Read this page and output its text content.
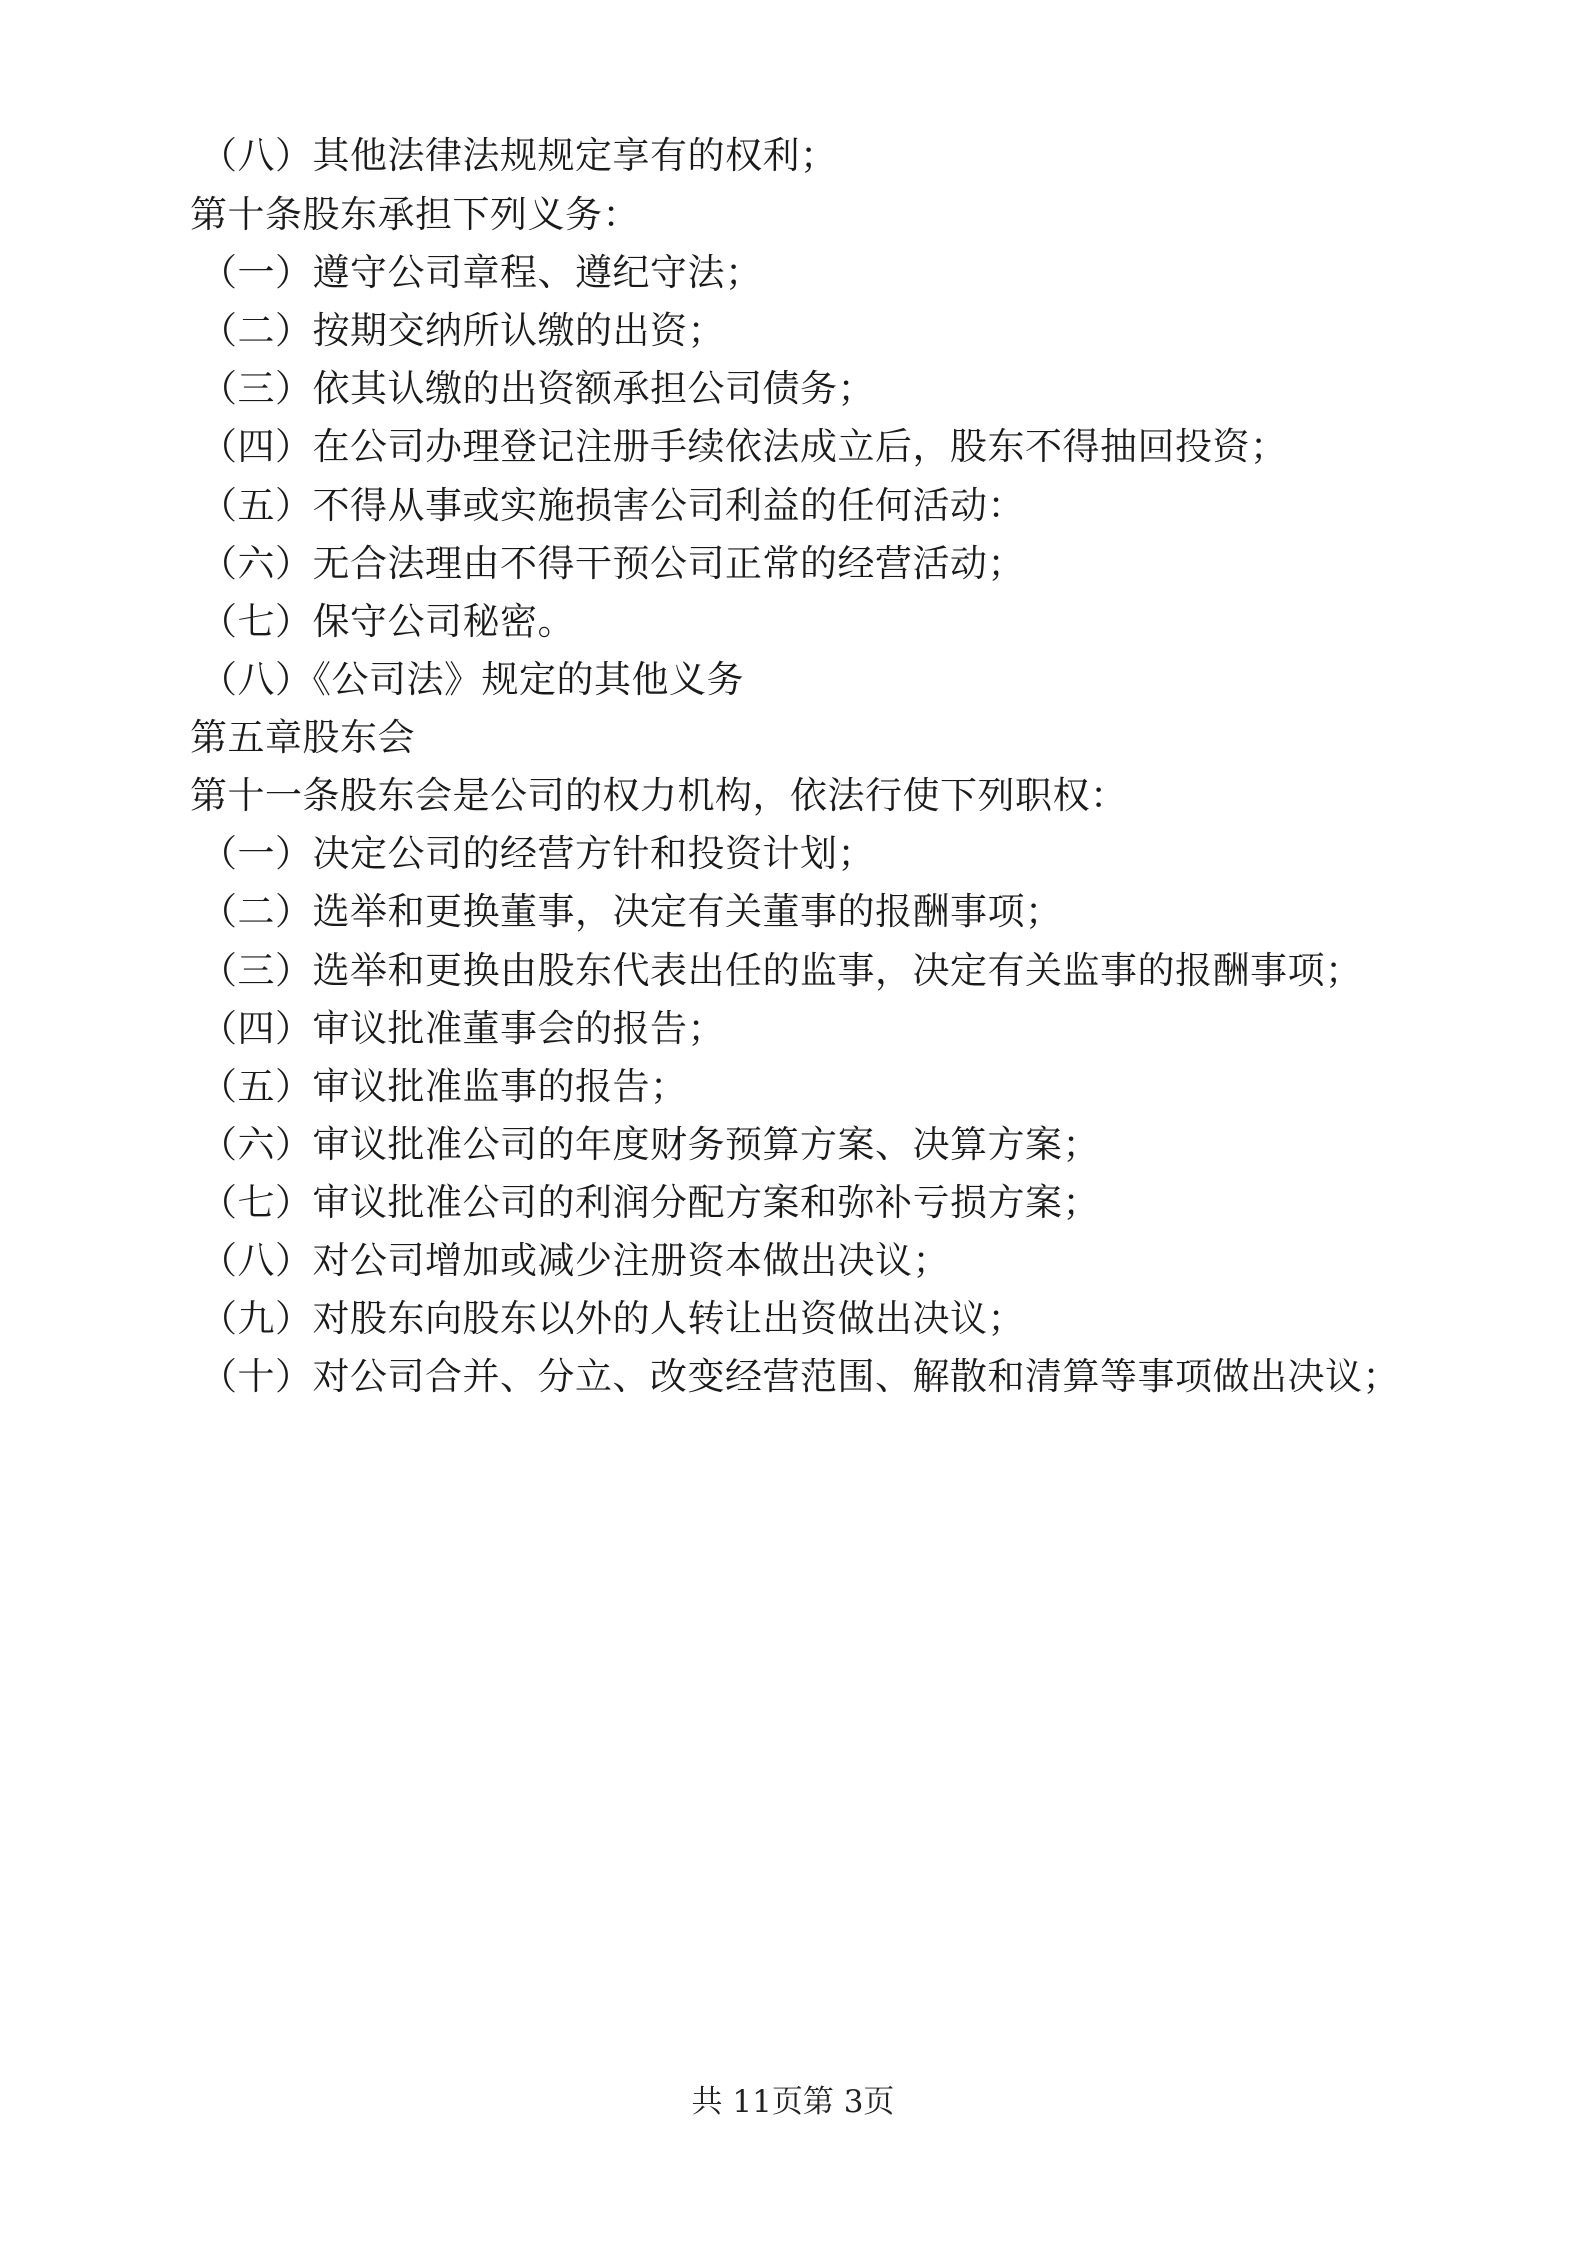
（八）其他法律法规规定享有的权利；
第十条股东承担下列义务：
（一）遵守公司章程、遵纪守法；
（二）按期交纳所认缴的出资；
（三）依其认缴的出资额承担公司债务；
（四）在公司办理登记注册手续依法成立后，股东不得抽回投资；
（五）不得从事或实施损害公司利益的任何活动：
（六）无合法理由不得干预公司正常的经营活动；
（七）保守公司秘密。
（八）《公司法》规定的其他义务
第五章股东会
第十一条股东会是公司的权力机构，依法行使下列职权：
（一）决定公司的经营方针和投资计划；
（二）选举和更换董事，决定有关董事的报酬事项；
（三）选举和更换由股东代表出任的监事，决定有关监事的报酬事项；
（四）审议批准董事会的报告；
（五）审议批准监事的报告；
（六）审议批准公司的年度财务预算方案、决算方案；
（七）审议批准公司的利润分配方案和弥补亏损方案；
（八）对公司增加或减少注册资本做出决议；
（九）对股东向股东以外的人转让出资做出决议；
（十）对公司合并、分立、改变经营范围、解散和清算等事项做出决议；
共 11页第 3页
